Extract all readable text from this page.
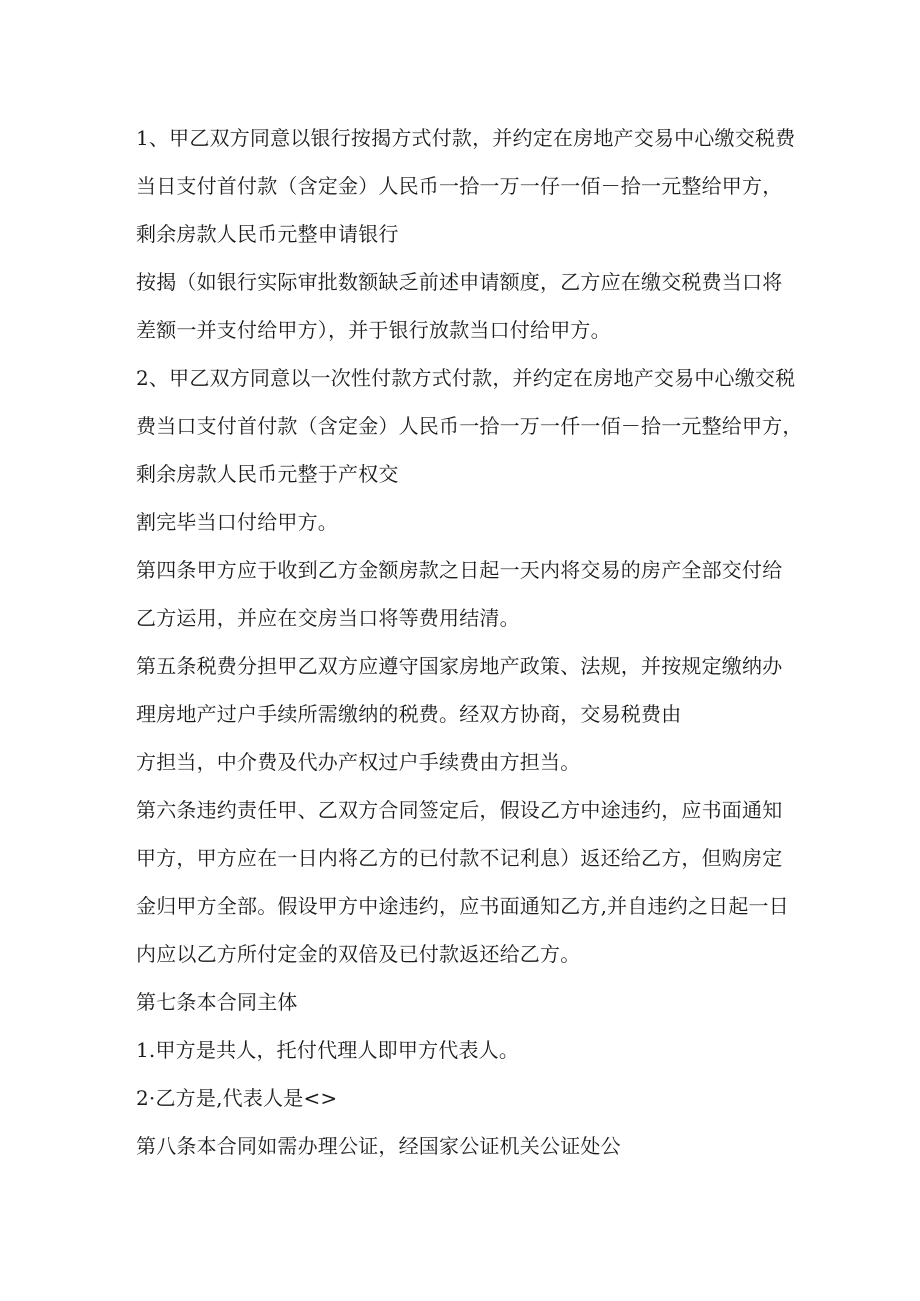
1、甲乙双方同意以银行按揭方式付款，并约定在房地产交易中心缴交税费
当日支付首付款（含定金）人民币一拾一万一仔一佰－拾一元整给甲方，
剩余房款人民币元整申请银行
按揭（如银行实际审批数额缺乏前述申请额度，乙方应在缴交税费当口将
差额一并支付给甲方），并于银行放款当口付给甲方。
2、甲乙双方同意以一次性付款方式付款，并约定在房地产交易中心缴交税
费当口支付首付款（含定金）人民币一拾一万一仟一佰－拾一元整给甲方，
剩余房款人民币元整于产权交
割完毕当口付给甲方。
第四条甲方应于收到乙方金额房款之日起一天内将交易的房产全部交付给
乙方运用，并应在交房当口将等费用结清。
第五条税费分担甲乙双方应遵守国家房地产政策、法规，并按规定缴纳办
理房地产过户手续所需缴纳的税费。经双方协商，交易税费由
方担当，中介费及代办产权过户手续费由方担当。
第六条违约责任甲、乙双方合同签定后，假设乙方中途违约，应书面通知
甲方，甲方应在一日内将乙方的已付款不记利息）返还给乙方，但购房定
金归甲方全部。假设甲方中途违约，应书面通知乙方,并自违约之日起一日
内应以乙方所付定金的双倍及已付款返还给乙方。
第七条本合同主体
1.甲方是共人，托付代理人即甲方代表人。
2·乙方是,代表人是<>
第八条本合同如需办理公证，经国家公证机关公证处公
